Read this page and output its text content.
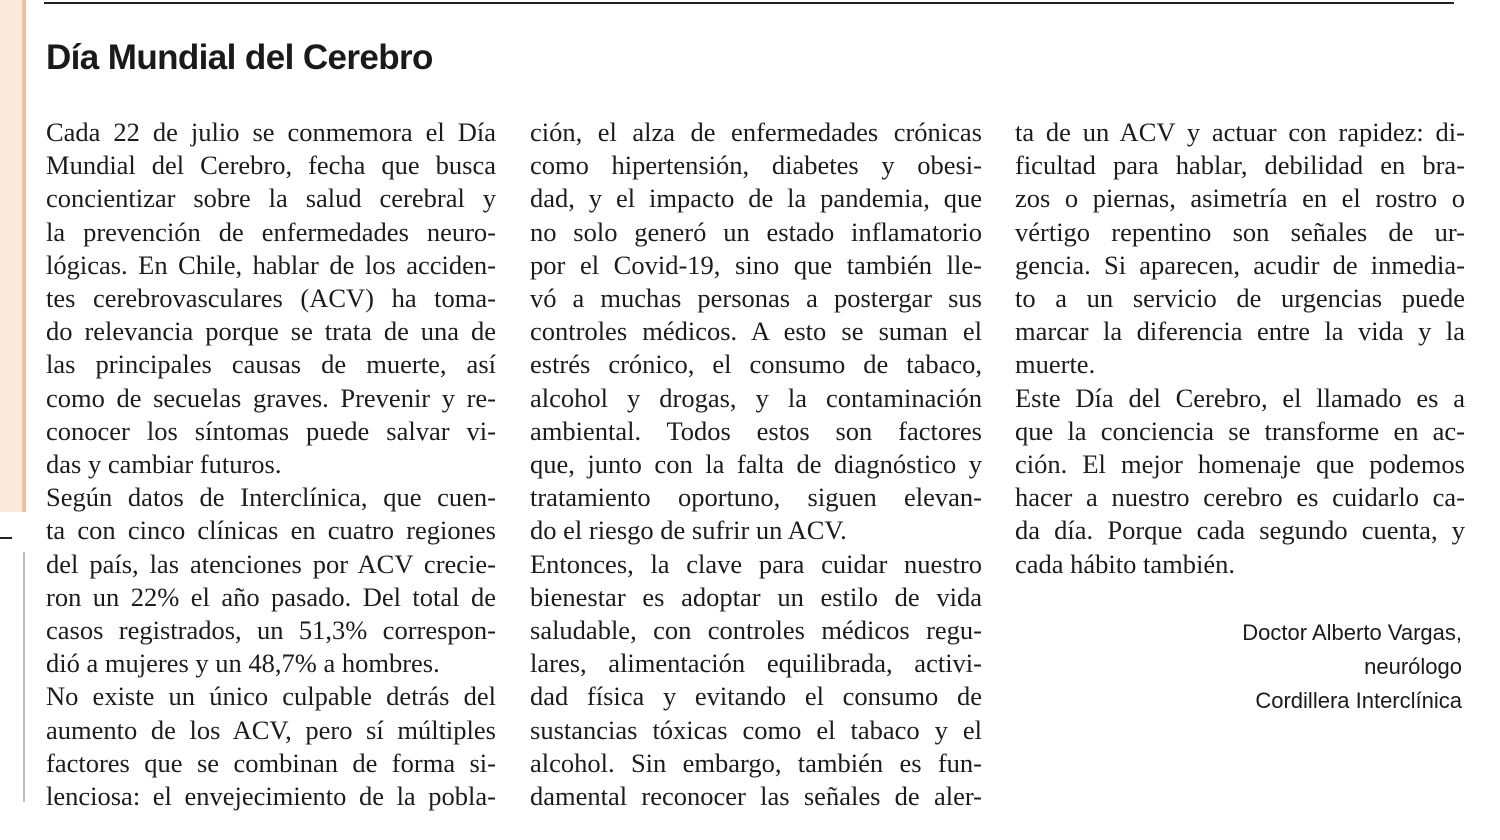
Día Mundial del Cerebro

Cada 22 de julio se conmemora el Día
Mundial del Cerebro, fecha que busca
concientizar sobre la salud cerebral y
la prevención de enfermedades neuro-
lógicas. En Chile, hablar de los acciden-
tes cerebrovasculares (ACV) ha toma-
do relevancia porque se trata de una de
las principales causas de muerte, así
como de secuelas graves. Prevenir y re-
conocer los síntomas puede salvar vi-
das y cambiar futuros.

Según datos de Interclínica, que cuen-
ta con cinco clínicas en cuatro regiones
del país, las atenciones por ACV crecie-
ron un 22% el año pasado. Del total de
casos registrados, un 51,3% correspon-
dió a mujeres y un 48,7% a hombres.

No existe un único culpable detrás del
aumento de los ACV, pero sí múltiples
factores que se combinan de forma si-
lenciosa: el envejecimiento de la pobla-

ción, el alza de enfermedades crónicas
como hipertensión, diabetes y obesi-
dad, y el impacto de la pandemia, que
no solo generó un estado inflamatorio
por el Covid-19, sino que también lle-
vó a muchas personas a postergar sus
controles médicos. A esto se suman el
estrés crónico, el consumo de tabaco,
alcohol y drogas, y la contaminación
ambiental. Todos estos son factores
que, junto con la falta de diagnóstico y
tratamiento oportuno, siguen elevan-
do el riesgo de sufrir un ACV.

Entonces, la clave para cuidar nuestro
bienestar es adoptar un estilo de vida
saludable, con controles médicos regu-
lares, alimentación equilibrada, activi-
dad física y evitando el consumo de
sustancias tóxicas como el tabaco y el
alcohol. Sin embargo, también es fun-
damental reconocer las señales de aler-

ta de un ACV y actuar con rapidez: di-
ficultad para hablar, debilidad en bra-
zos o piernas, asimetría en el rostro o
vértigo repentino son señales de ur-
gencia. Si aparecen, acudir de inmedia-
to a un servicio de urgencias puede
marcar la diferencia entre la vida y la
muerte.

Este Día del Cerebro, el llamado es a
que la conciencia se transforme en ac-
ción. El mejor homenaje que podemos
hacer a nuestro cerebro es cuidarlo ca-
da día. Porque cada segundo cuenta, y
cada hábito también.

Doctor Alberto Vargas,
neurólogo
Cordillera Interclínica
